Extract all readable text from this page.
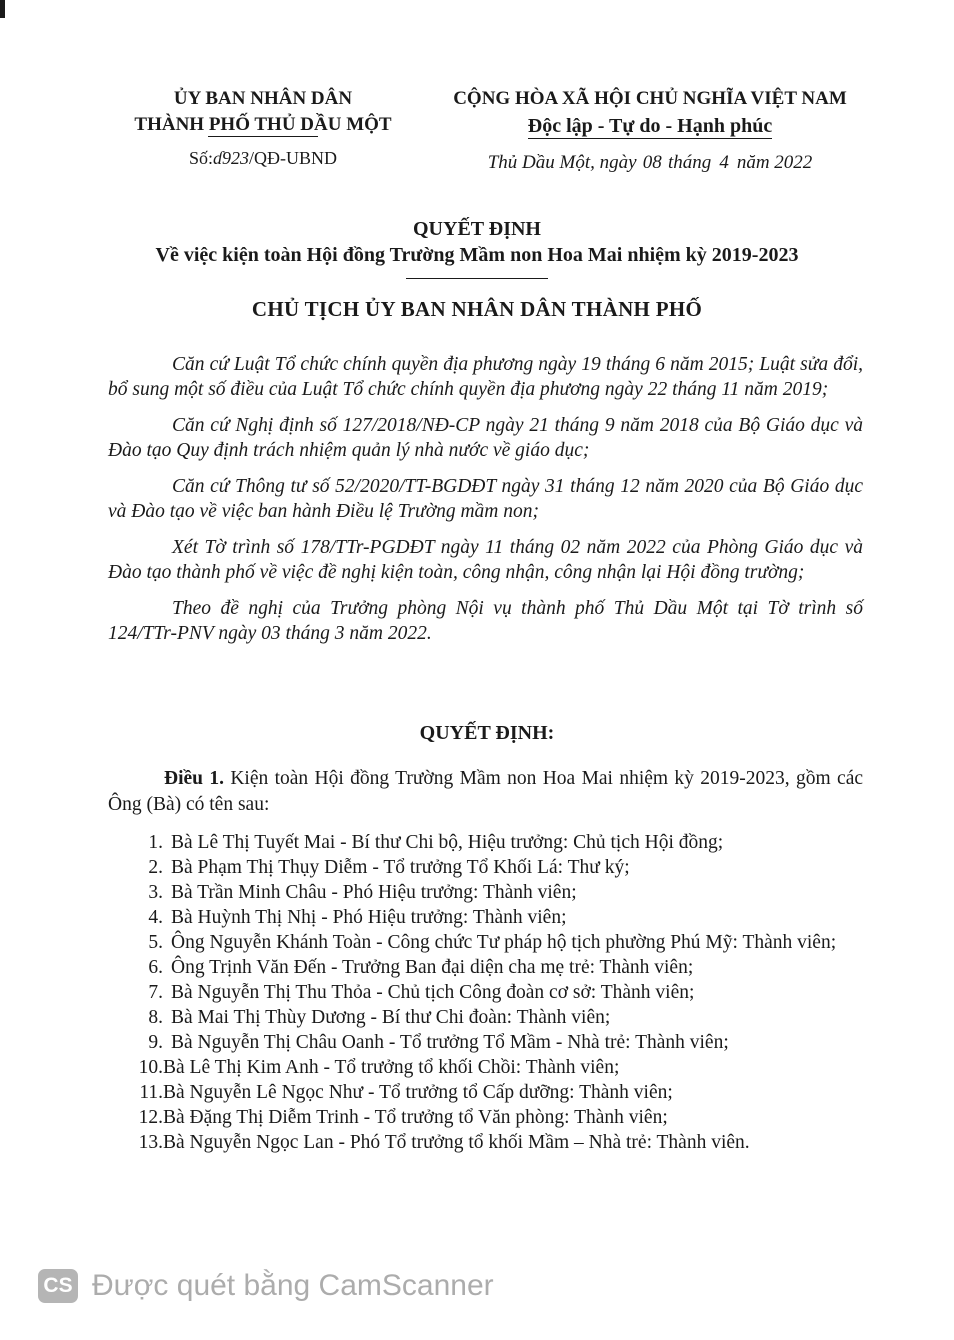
ỦY BAN NHÂN DÂN
THÀNH PHỐ THỦ DẦU MỘT
Số:ɗ923/QĐ-UBND
CỘNG HÒA XÃ HỘI CHỦ NGHĨA VIỆT NAM
Độc lập - Tự do - Hạnh phúc
Thủ Dầu Một, ngày 08 tháng 4 năm 2022
QUYẾT ĐỊNH
Về việc kiện toàn Hội đồng Trường Mầm non Hoa Mai nhiệm kỳ 2019-2023
CHỦ TỊCH ỦY BAN NHÂN DÂN THÀNH PHỐ

Căn cứ Luật Tổ chức chính quyền địa phương ngày 19 tháng 6 năm 2015; Luật sửa đổi, bổ sung một số điều của Luật Tổ chức chính quyền địa phương ngày 22 tháng 11 năm 2019;

Căn cứ Nghị định số 127/2018/NĐ-CP ngày 21 tháng 9 năm 2018 của Bộ Giáo dục và Đào tạo Quy định trách nhiệm quản lý nhà nước về giáo dục;

Căn cứ Thông tư số 52/2020/TT-BGDĐT ngày 31 tháng 12 năm 2020 của Bộ Giáo dục và Đào tạo về việc ban hành Điều lệ Trường mầm non;

Xét Tờ trình số 178/TTr-PGDĐT ngày 11 tháng 02 năm 2022 của Phòng Giáo dục và Đào tạo thành phố về việc đề nghị kiện toàn, công nhận, công nhận lại Hội đồng trường;

Theo đề nghị của Trưởng phòng Nội vụ thành phố Thủ Dầu Một tại Tờ trình số 124/TTr-PNV ngày 03 tháng 3 năm 2022.

QUYẾT ĐỊNH:
Điều 1. Kiện toàn Hội đồng Trường Mầm non Hoa Mai nhiệm kỳ 2019-2023, gồm các Ông (Bà) có tên sau:
1. Bà Lê Thị Tuyết Mai - Bí thư Chi bộ, Hiệu trưởng: Chủ tịch Hội đồng;
2. Bà Phạm Thị Thụy Diễm - Tổ trưởng Tổ Khối Lá: Thư ký;
3. Bà Trần Minh Châu - Phó Hiệu trưởng: Thành viên;
4. Bà Huỳnh Thị Nhị - Phó Hiệu trưởng: Thành viên;
5. Ông Nguyễn Khánh Toàn - Công chức Tư pháp hộ tịch phường Phú Mỹ: Thành viên;
6. Ông Trịnh Văn Đến - Trưởng Ban đại diện cha mẹ trẻ: Thành viên;
7. Bà Nguyễn Thị Thu Thỏa - Chủ tịch Công đoàn cơ sở: Thành viên;
8. Bà Mai Thị Thùy Dương - Bí thư Chi đoàn: Thành viên;
9. Bà Nguyễn Thị Châu Oanh - Tổ trưởng Tổ Mầm - Nhà trẻ: Thành viên;
10. Bà Lê Thị Kim Anh - Tổ trưởng tổ khối Chồi: Thành viên;
11. Bà Nguyễn Lê Ngọc Như - Tổ trưởng tổ Cấp dưỡng: Thành viên;
12. Bà Đặng Thị Diễm Trinh - Tổ trưởng tổ Văn phòng: Thành viên;
13. Bà Nguyễn Ngọc Lan - Phó Tổ trưởng tổ khối Mầm – Nhà trẻ: Thành viên.
CS Được quét bằng CamScanner
